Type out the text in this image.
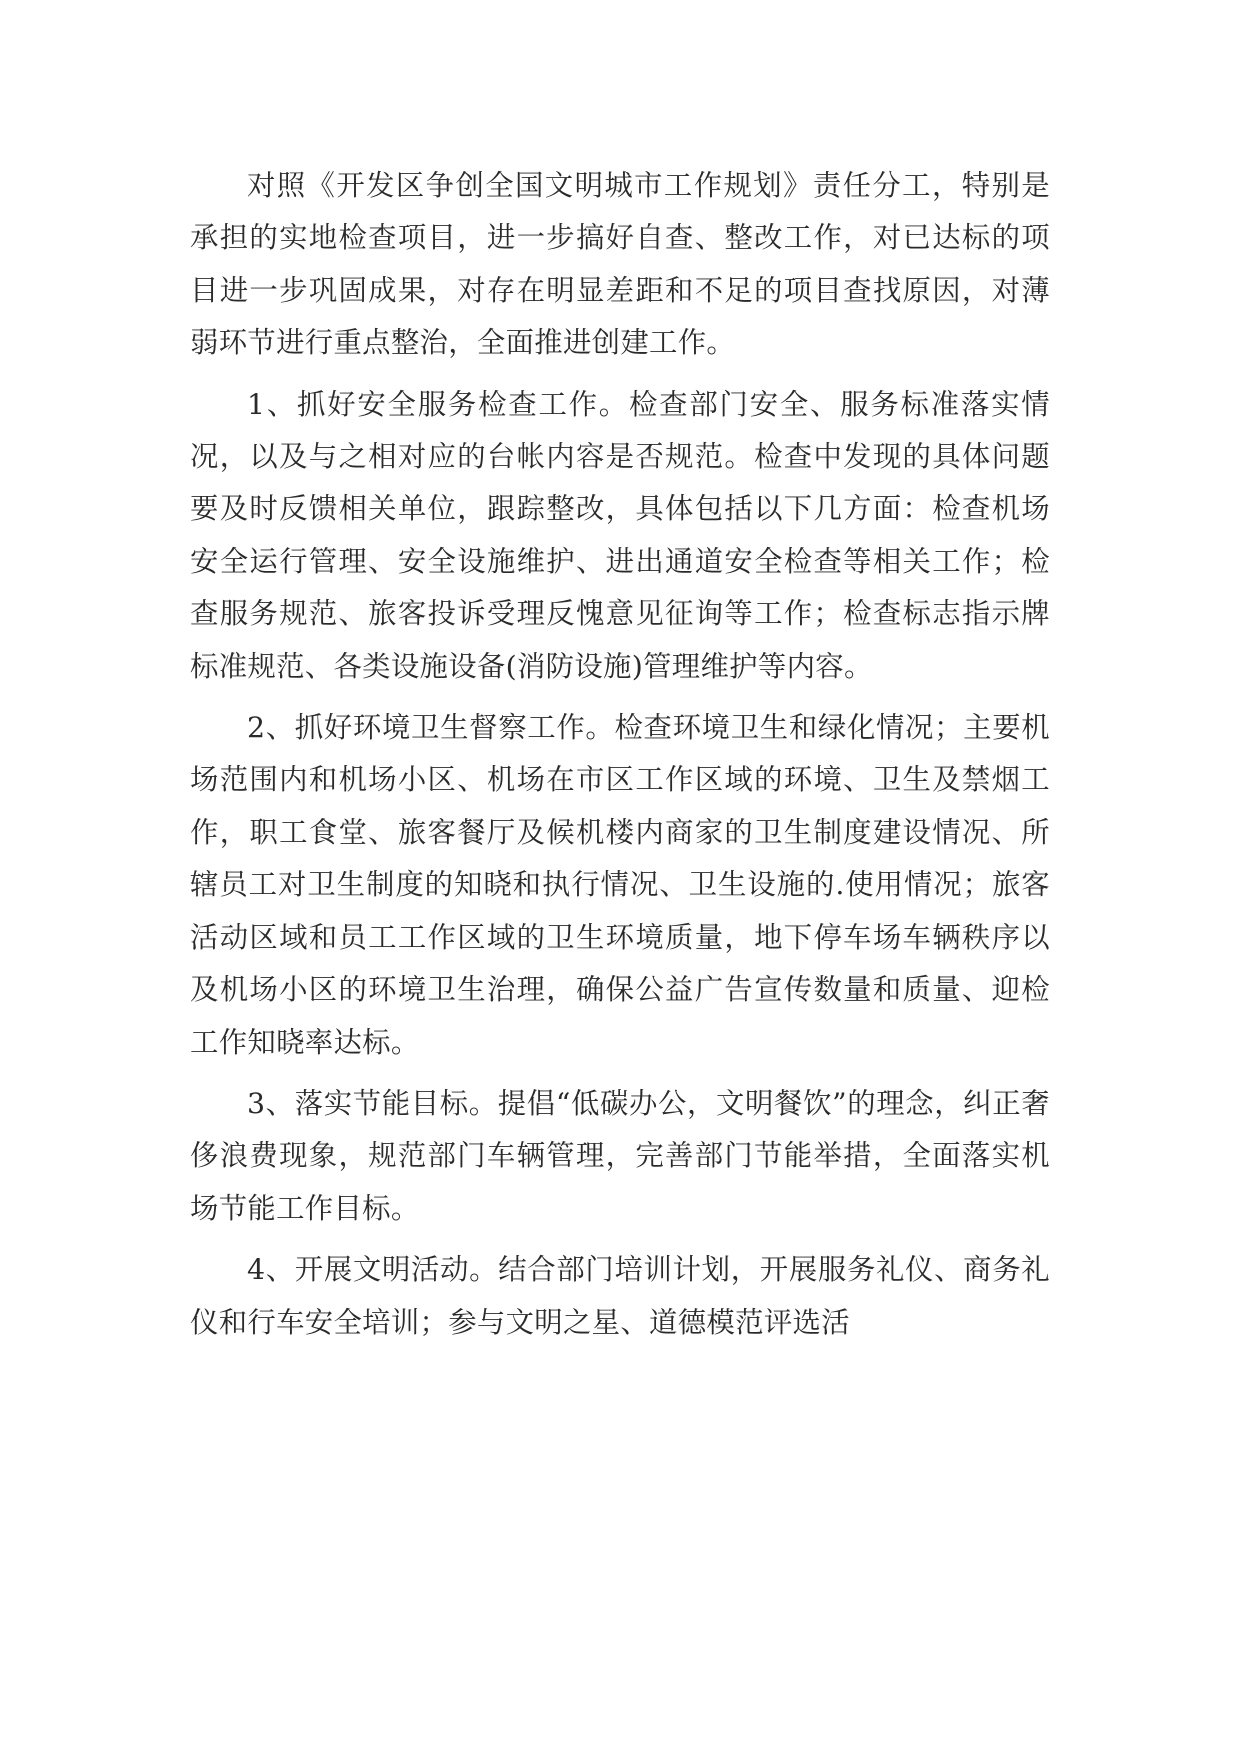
对照《开发区争创全国文明城市工作规划》责任分工，特别是承担的实地检查项目，进一步搞好自查、整改工作，对已达标的项目进一步巩固成果，对存在明显差距和不足的项目查找原因，对薄弱环节进行重点整治，全面推进创建工作。

1、抓好安全服务检查工作。检查部门安全、服务标准落实情况，以及与之相对应的台帐内容是否规范。检查中发现的具体问题要及时反馈相关单位，跟踪整改，具体包括以下几方面：检查机场安全运行管理、安全设施维护、进出通道安全检查等相关工作；检查服务规范、旅客投诉受理反愧意见征询等工作；检查标志指示牌标准规范、各类设施设备(消防设施)管理维护等内容。

2、抓好环境卫生督察工作。检查环境卫生和绿化情况；主要机场范围内和机场小区、机场在市区工作区域的环境、卫生及禁烟工作，职工食堂、旅客餐厅及候机楼内商家的卫生制度建设情况、所辖员工对卫生制度的知晓和执行情况、卫生设施的.使用情况；旅客活动区域和员工工作区域的卫生环境质量，地下停车场车辆秩序以及机场小区的环境卫生治理，确保公益广告宣传数量和质量、迎检工作知晓率达标。

3、落实节能目标。提倡“低碳办公，文明餐饮”的理念，纠正奢侈浪费现象，规范部门车辆管理，完善部门节能举措，全面落实机场节能工作目标。

4、开展文明活动。结合部门培训计划，开展服务礼仪、商务礼仪和行车安全培训；参与文明之星、道德模范评选活
